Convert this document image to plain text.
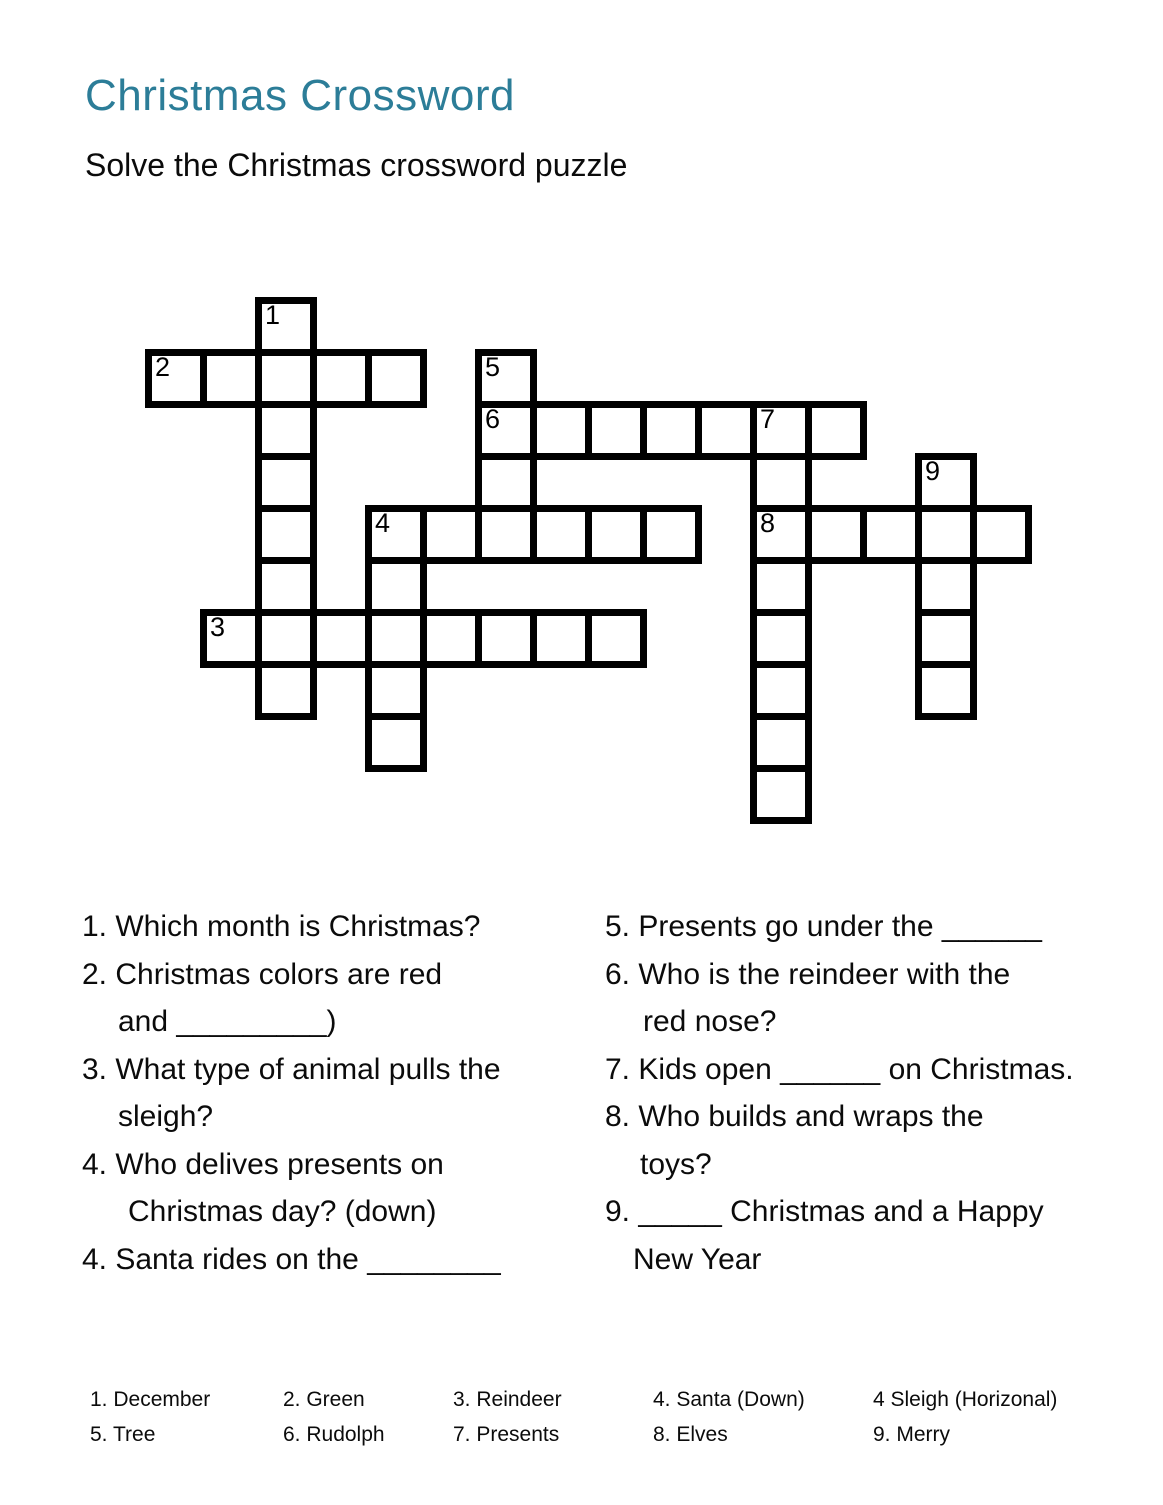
Christmas Crossword
Solve the Christmas crossword puzzle
1
2
3
4
5
6	7
8
9
1. Which month is Christmas?
2. Christmas colors are red
and _________)
3. What type of animal pulls the
sleigh?
4. Who delives presents on
Christmas day? (down)
4. Santa rides on the ________
5. Presents go under the ______
6. Who is the reindeer with the
red nose?
7. Kids open ______ on Christmas.
8. Who builds and wraps the
toys?
9. _____ Christmas and a Happy
New Year
1. December	2. Green	3. Reindeer	4. Santa (Down)	4 Sleigh (Horizonal)
5. Tree	6. Rudolph	7. Presents	8. Elves	9. Merry
